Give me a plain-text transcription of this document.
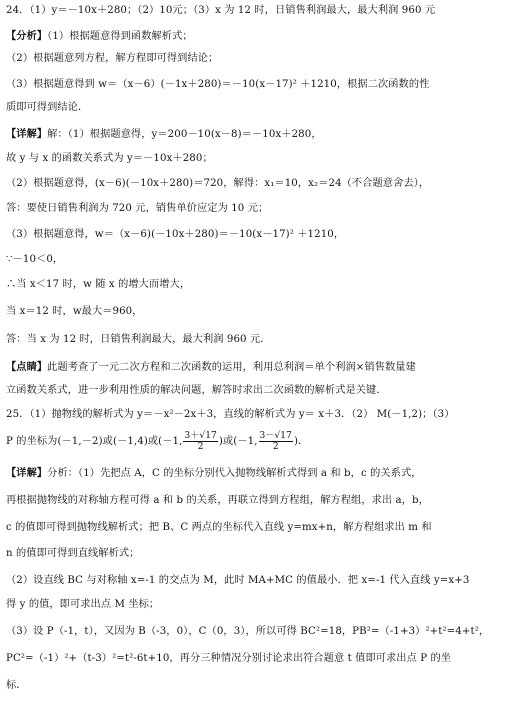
24．（1）y＝－10x＋280；（2）10元；（3）x 为 12 时，日销售利润最大，最大利润 960 元
【分析】（1）根据题意得到函数解析式；
（2）根据题意列方程，解方程即可得到结论；
（3）根据题意得到 w＝（x－6）(－1x＋280)＝－10(x－17)² ＋1210，根据二次函数的性
质即可得到结论．
【详解】解：（1）根据题意得，y＝200－10(x－8)＝－10x＋280，
故 y 与 x 的函数关系式为 y＝－10x＋280；
（2）根据题意得，(x－6)(－10x＋280)＝720，解得：x₁＝10，x₂＝24（不合题意舍去），
答：要使日销售利润为 720 元，销售单价应定为 10 元；
（3）根据题意得，w＝（x－6)(－10x＋280)＝－10(x－17)² ＋1210，
∵－10＜0，
∴当 x＜17 时，w 随 x 的增大而增大，
当 x＝12 时，w最大＝960，
答：当 x 为 12 时，日销售利润最大，最大利润 960 元．
【点睛】此题考查了一元二次方程和二次函数的运用，利用总利润＝单个利润×销售数量建
立函数关系式，进一步利用性质的解决问题，解答时求出二次函数的解析式是关键．
25．（1）抛物线的解析式为 y＝－x²－2x＋3，直线的解析式为 y＝ x＋3．（2） M(－1,2)；（3）
P 的坐标为(－1,－2)或(－1,4)或(－1, $\frac{3+√17}{2}$ )或(－1, $\frac{3-√17}{2}$ )．
【详解】分析：（1）先把点 A，C 的坐标分别代入抛物线解析式得到 a 和 b，c 的关系式，
再根据抛物线的对称轴方程可得 a 和 b 的关系，再联立得到方程组，解方程组，求出 a，b，
c 的值即可得到抛物线解析式；把 B、C 两点的坐标代入直线 y=mx+n，解方程组求出 m 和
n 的值即可得到直线解析式；
（2）设直线 BC 与对称轴 x=-1 的交点为 M，此时 MA+MC 的值最小．把 x=-1 代入直线 y=x+3
得 y 的值，即可求出点 M 坐标；
（3）设 P（-1，t），又因为 B（-3，0），C（0，3），所以可得 BC²=18，PB²=（-1+3）²+t²=4+t²，
PC²=（-1）²+（t-3）²=t²-6t+10，再分三种情况分别讨论求出符合题意 t 值即可求出点 P 的坐
标．
